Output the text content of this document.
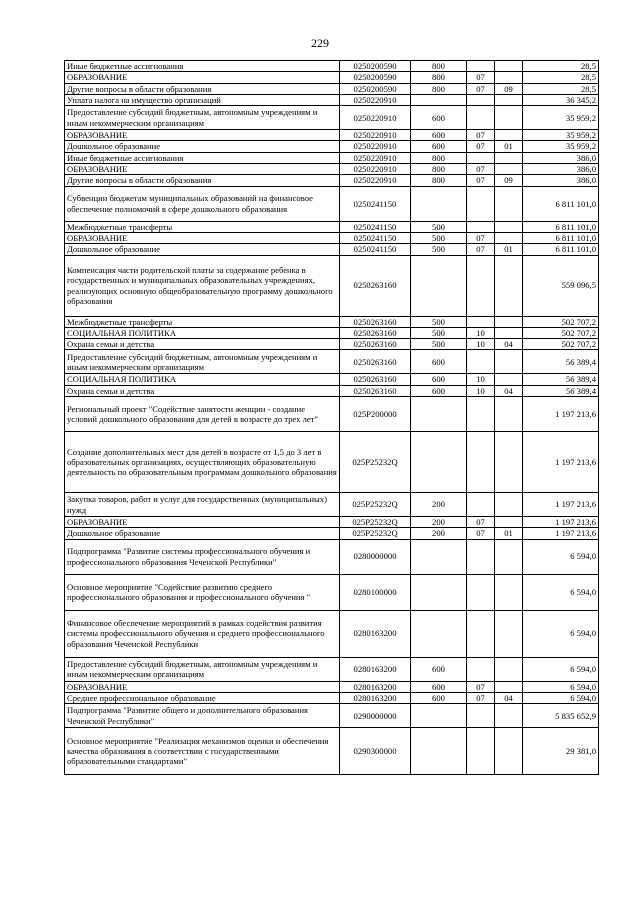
229
Иные бюджетные ассигнования	0250200590	800			28,5
ОБРАЗОВАНИЕ	0250200590	800	07		28,5
Другие вопросы в области образования	0250200590	800	07	09	28,5
Уплата налога на имущество организаций	0250220910				36 345,2
Предоставление субсидий бюджетным, автономным учреждениям и иным некоммерческим организациям	0250220910	600			35 959,2
ОБРАЗОВАНИЕ	0250220910	600	07		35 959,2
Дошкольное образование	0250220910	600	07	01	35 959,2
Иные бюджетные ассигнования	0250220910	800			386,0
ОБРАЗОВАНИЕ	0250220910	800	07		386,0
Другие вопросы в области образования	0250220910	800	07	09	386,0
Субвенции бюджетам муниципальных образований на финансовое обеспечение полномочий в сфере дошкольного образования	0250241150				6 811 101,0
Межбюджетные трансферты	0250241150	500			6 811 101,0
ОБРАЗОВАНИЕ	0250241150	500	07		6 811 101,0
Дошкольное образование	0250241150	500	07	01	6 811 101,0
Компенсация части родительской платы за содержание ребенка в государственных и муниципальных образовательных учреждениях, реализующих основную общеобразовательную программу дошкольного образования	0250263160				559 096,5
Межбюджетные трансферты	0250263160	500			502 707,2
СОЦИАЛЬНАЯ ПОЛИТИКА	0250263160	500	10		502 707,2
Охрана семьи и детства	0250263160	500	10	04	502 707,2
Предоставление субсидий бюджетным, автономным учреждениям и иным некоммерческим организациям	0250263160	600			56 389,4
СОЦИАЛЬНАЯ ПОЛИТИКА	0250263160	600	10		56 389,4
Охрана семьи и детства	0250263160	600	10	04	56 389,4
Региональный проект "Содействие занятости женщин - создание условий дошкольного образования для детей в возрасте до трех лет"	025P200000				1 197 213,6
Создание дополнительных мест для детей в возрасте от 1,5 до 3 лет в образовательных организациях, осуществляющих образовательную деятельность по образовательным программам дошкольного образования	025P25232Q				1 197 213,6
Закупка товаров, работ и услуг для государственных (муниципальных) нужд	025P25232Q	200			1 197 213,6
ОБРАЗОВАНИЕ	025P25232Q	200	07		1 197 213,6
Дошкольное образование	025P25232Q	200	07	01	1 197 213,6
Подпрограмма "Развитие системы профессионального обучения и профессионального образования Чеченской Республики"	0280000000				6 594,0
Основное мероприятие "Содействие развитию среднего профессионального образования и профессионального обучения "	0280100000				6 594,0
Финансовое обеспечение мероприятий в рамках содействия развития системы профессионального обучения и среднего профессионального образования Чеченской Республики	0280163200				6 594,0
Предоставление субсидий бюджетным, автономным учреждениям и иным некоммерческим организациям	0280163200	600			6 594,0
ОБРАЗОВАНИЕ	0280163200	600	07		6 594,0
Среднее профессиональное образование	0280163200	600	07	04	6 594,0
Подпрограмма "Развитие общего и дополнительного образования Чеченской Республики"	0290000000				5 835 652,9
Основное мероприятие "Реализация механизмов оценки и обеспечения качества образования в соответствии с государственными образовательными стандартами"	0290300000				29 381,0
